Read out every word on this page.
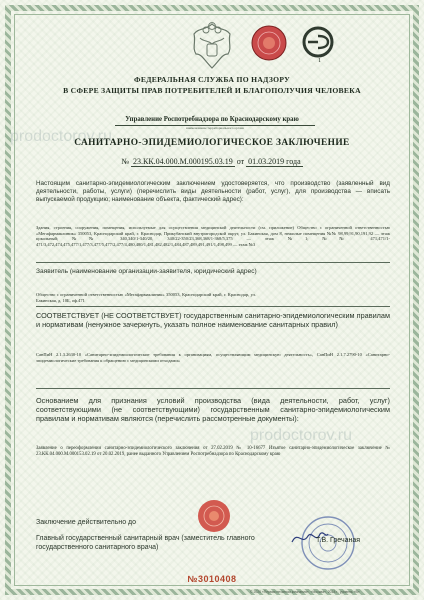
1
ФЕДЕРАЛЬНАЯ СЛУЖБА ПО НАДЗОРУ
В СФЕРЕ ЗАЩИТЫ ПРАВ ПОТРЕБИТЕЛЕЙ И БЛАГОПОЛУЧИЯ ЧЕЛОВЕКА
Управление Роспотребнадзора по Краснодарскому краю
наименование территориального органа
prodoctorov.ru
САНИТАРНО-ЭПИДЕМИОЛОГИЧЕСКОЕ ЗАКЛЮЧЕНИЕ
№ 23.КК.04.000.М.000195.03.19 от 01.03.2019 года
Настоящим санитарно-эпидемиологическим заключением удостоверяется, что производство (заявленный вид деятельности, работы, услуги) (перечислить виды деятельности (работ, услуг), для производства — вписать выпускаемой продукцию; наименование объекта, фактический адрес):
Здания, строения, сооружения, помещения, используемые для осуществления медицинской деятельности (см. приложение) Общество с ограниченной ответственностью «Мегафармаклиник» 350053, Краснодарский край, г. Краснодар, Прикубанский внутригородской округ, ул. Бакинская, дом 8, нежилые помещения №№ 98,99,91,90,191,92 — этаж цокольный; №№ 340,340/1-340/20, 340/22-350/23,368,368/1-368/5,375 — этаж №1; №№ 471,471/1-471/3,472,474,475,477/1,477/3,477/5,477/2,477/4,480,480/1,481,482,482/1,484,487,489,491,491/1,498,499 — этаж №3
Заявитель (наименование организации-заявителя, юридический адрес)
Общество с ограниченной ответственностью «Мегафармаклиник» 350053, Краснодарский край, г. Краснодар, ул. Бакинская, д. 10Б, оф.471
СООТВЕТСТВУЕТ (НЕ СООТВЕТСТВУЕТ) государственным санитарно-эпидемиологическим правилам и нормативам (ненужное зачеркнуть, указать полное наименование санитарных правил)
СанПиН 2.1.3.2630-10 «Санитарно-эпидемиологические требования к организациям, осуществляющим медицинскую деятельность», СанПиН 2.1.7.2790-10 «Санитарно-эпидемиологические требования к обращению с медицинскими отходами»
Основанием для признания условий производства (вида деятельности, работ, услуг) соответствующими (не соответствующими) государственным санитарно-эпидемиологическим правилам и нормативам являются (перечислить рассмотренные документы):
prodoctorov.ru
Заявление о переоформлении санитарно-эпидемиологического заключения от 27.02.2019 № 10-16677 Изъятое санитарно-эпидемиологическое заключение № 23.КК.04.000.М.000153.02.19 от 20.02.2019, ранее выданного Управлением Роспотребнадзора по Краснодарскому краю
Заключение действительно до
Главный государственный санитарный врач (заместитель главного государственного санитарного врача)
Т.В. Гречаная
№3010408
© 2020 «Первая печатная компания», «Москва», 2018 г., уровень «В»
